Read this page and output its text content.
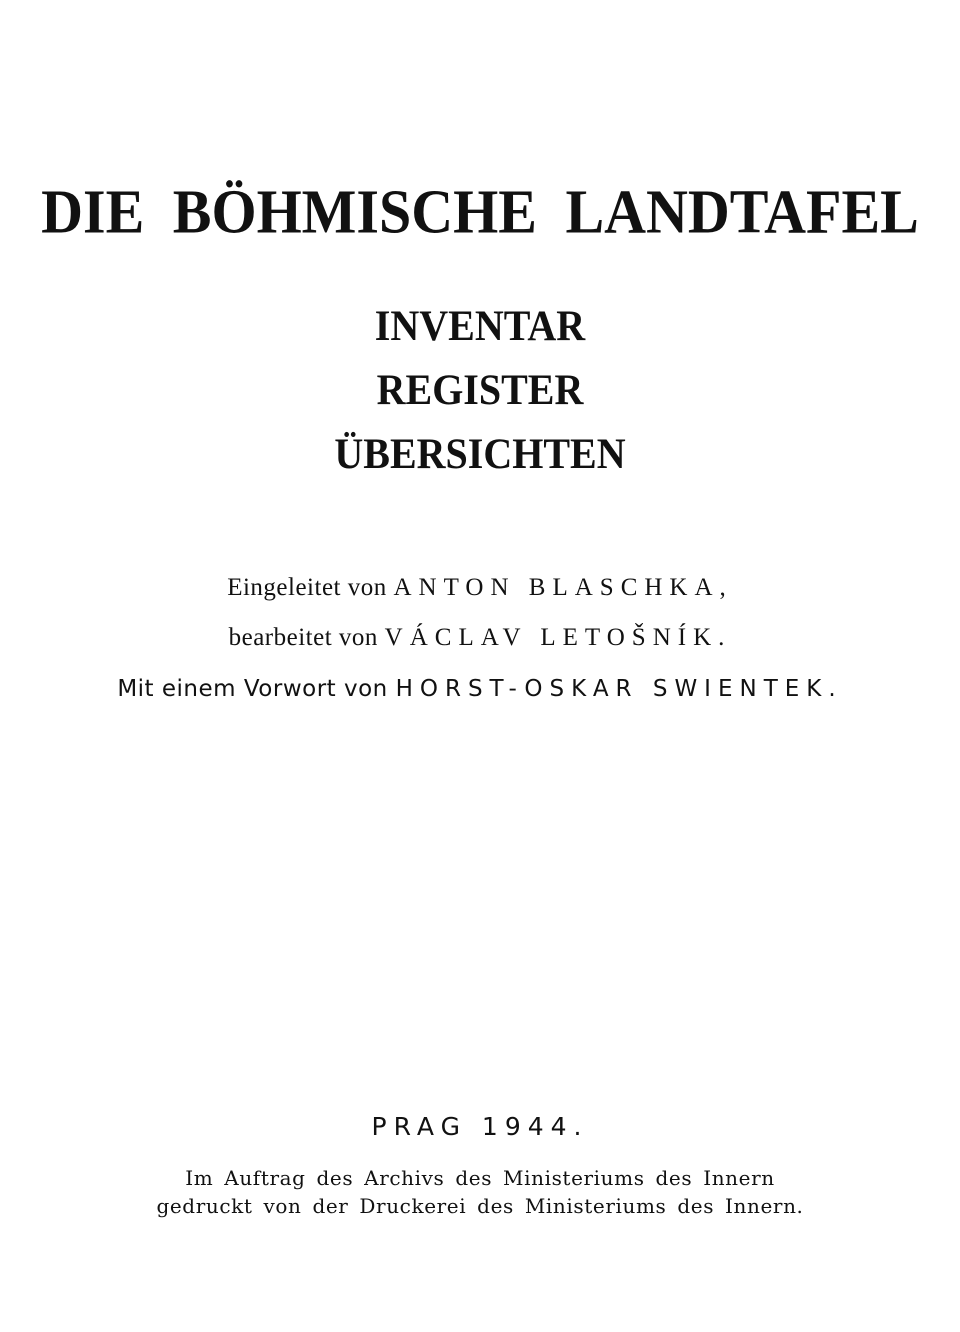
DIE BÖHMISCHE LANDTAFEL
INVENTAR
REGISTER
ÜBERSICHTEN
Eingeleitet von ANTON BLASCHKA,
bearbeitet von VÁCLAV LETOŠNÍK.
Mit einem Vorwort von HORST-OSKAR SWIENTEK.
PRAG 1944.
Im Auftrag des Archivs des Ministeriums des Innern
gedruckt von der Druckerei des Ministeriums des Innern.
